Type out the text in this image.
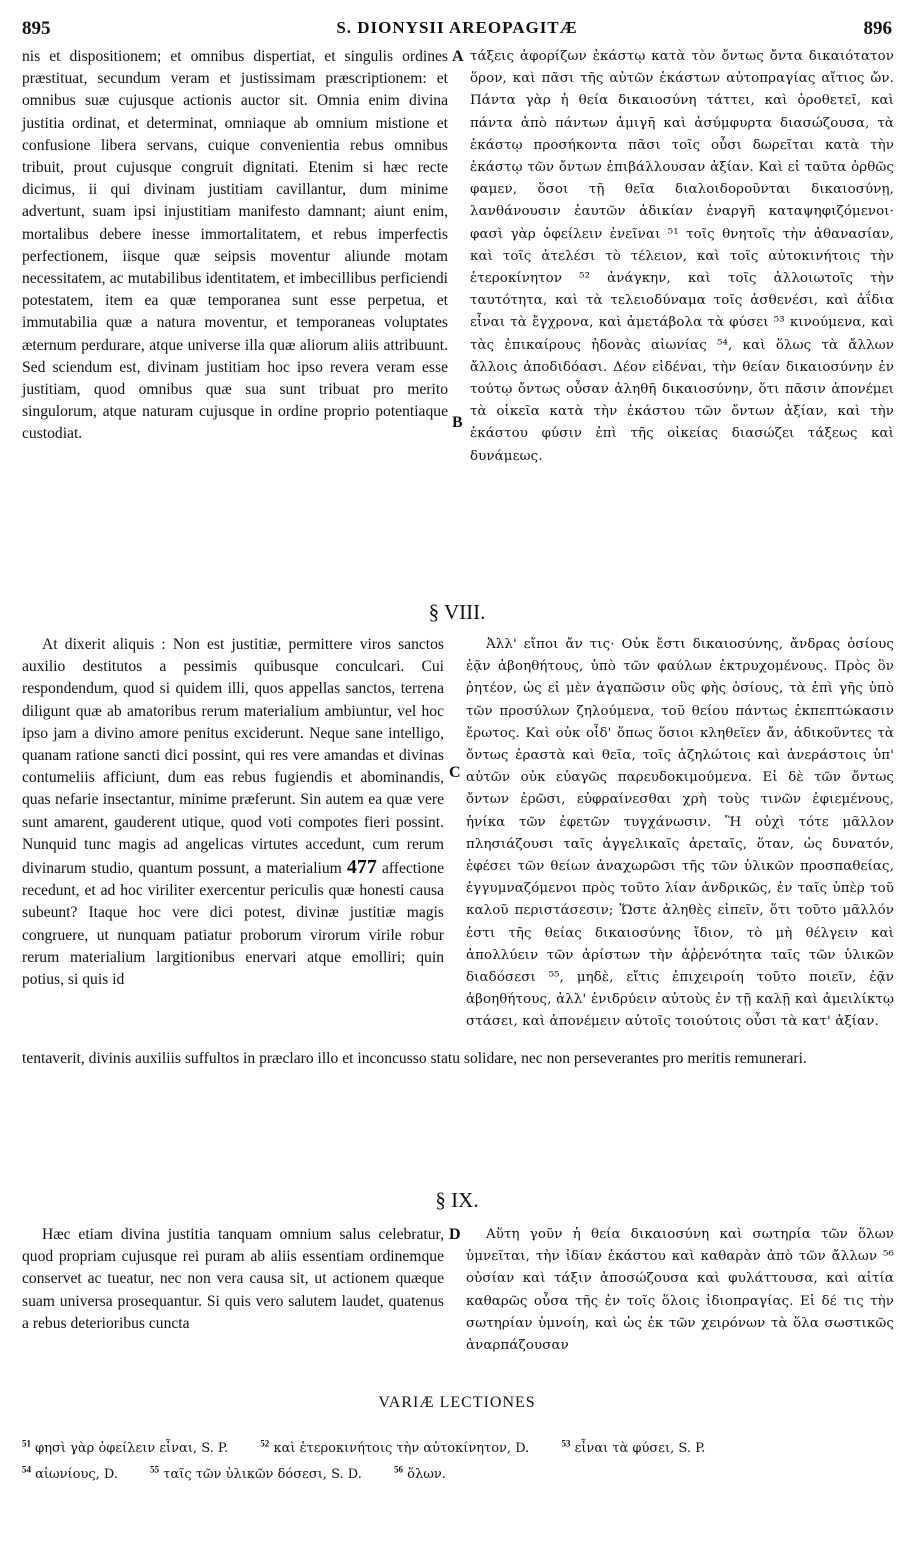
895	S. DIONYSII AREOPAGITÆ	896

nis et dispositionem; et omnibus dispertiat, et singulis ordines præstituat, secundum veram et justissimam præscriptionem: et omnibus suæ cujusque actionis auctor sit. Omnia enim divina justitia ordinat, et determinat, omniaque ab omnium mistione et confusione libera servans, cuique convenientia rebus omnibus tribuit, prout cujusque congruit dignitati. Etenim si hæc recte dicimus, ii qui divinam justitiam cavillantur, dum minime advertunt, suam ipsi injustitiam manifesto damnant; aiunt enim, mortalibus debere inesse immortalitatem, et rebus imperfectis perfectionem, iisque quæ seipsis moventur aliunde motam necessitatem, ac mutabilibus identitatem, et imbecillibus perficiendi potestatem, item ea quæ temporanea sunt esse perpetua, et immutabilia quæ a natura moventur, et temporaneas voluptates æternum perdurare, atque universe illa quæ aliorum aliis attribuunt. Sed sciendum est, divinam justitiam hoc ipso revera veram esse justitiam, quod omnibus quæ sua sunt tribuat pro merito singulorum, atque naturam cujusque in ordine proprio potentiaque custodiat.

A τάξεις ἀφορίζων ἑκάστῳ κατὰ τὸν ὄντως ὄντα δικαιότατον ὅρον, καὶ πᾶσι τῆς αὐτῶν ἑκάστων αὐτοπραγίας αἴτιος ὤν. Πάντα γὰρ ἡ θεία δικαιοσύνη τάττει, καὶ ὁροθετεῖ, καὶ πάντα ἀπὸ πάντων ἀμιγῆ καὶ ἀσύμφυρτα διασώζουσα, τὰ ἑκάστῳ προσήκοντα πᾶσι τοῖς οὖσι δωρεῖται κατὰ τὴν ἑκάστῳ τῶν ὄντων ἐπιβάλλουσαν ἀξίαν. Καὶ εἰ ταῦτα ὀρθῶς φαμεν, ὅσοι τῇ θεῖα διαλοιδοροῦνται δικαιοσύνῃ, λανθάνουσιν ἑαυτῶν ἀδικίαν ἐναργῆ καταψηφιζόμενοι· φασὶ γὰρ ὀφείλειν ἐνεῖναι ⁵¹ τοῖς θνητοῖς τὴν ἀθανασίαν, καὶ τοῖς ἀτελέσι τὸ τέλειον, καὶ τοῖς αὐτοκινήτοις τὴν ἑτεροκίνητον ⁵² ἀνάγκην, καὶ τοῖς ἀλλοιωτοῖς τὴν ταυτότητα, καὶ τὰ τελειοδύναμα τοῖς ἀσθενέσι, καὶ ἀΐδια εἶναι τὰ ἔγχρονα, καὶ ἀμετάβολα τὰ φύσει ⁵³ κινούμενα, καὶ τὰς ἐπικαίρους ἡδονὰς αἰωνίας ⁵⁴, καὶ ὅλως τὰ ἄλλων ἄλλοις ἀποδιδόασι. Δέον εἰδέναι, τὴν θείαν δικαιοσύνην ἐν τούτῳ ὄντως οὖσαν ἀληθῆ δικαιοσύνην, ὅτι πᾶσιν ἀπονέμει τὰ οἰκεῖα κατὰ τὴν ἑκάστου τῶν ὄντων ἀξίαν, καὶ τὴν ἑκάστου φύσιν ἐπὶ τῆς οἰκείας διασώζει τάξεως καὶ δυνάμεως.

B
§ VIII.

At dixerit aliquis : Non est justitiæ, permittere viros sanctos auxilio destitutos a pessimis quibusque conculcari. Cui respondendum, quod si quidem illi, quos appellas sanctos, terrena diligunt quæ ab amatoribus rerum materialium ambiuntur, vel hoc ipso jam a divino amore penitus exciderunt. Neque sane intelligo, quanam ratione sancti dici possint, qui res vere amandas et divinas contumeliis afficiunt, dum eas rebus fugiendis et abominandis, quas nefarie insectantur, minime præferunt. Sin autem ea quæ vere sunt amarent, gauderent utique, quod voti compotes fieri possint. Nunquid tunc magis ad angelicas virtutes accedunt, cum rerum divinarum studio, quantum possunt, a materialium 477 affectione recedunt, et ad hoc viriliter exercentur periculis quæ honesti causa subeunt? Itaque hoc vere dici potest, divinæ justitiæ magis congruere, ut nunquam patiatur proborum virorum virile robur rerum materialium largitionibus enervari atque emolliri; quin potius, si quis id

C

Ἀλλ' εἴποι ἄν τις· Οὐκ ἔστι δικαιοσύνης, ἄνδρας ὁσίους ἐᾷν ἀβοηθήτους, ὑπὸ τῶν φαύλων ἐκτρυχομένους. Πρὸς ὃν ῥητέον, ὡς εἰ μὲν ἀγαπῶσιν οὓς φὴς ὁσίους, τὰ ἐπὶ γῆς ὑπὸ τῶν προσύλων ζηλούμενα, τοῦ θείου πάντως ἐκπεπτώκασιν ἔρωτος. Καὶ οὐκ οἶδ' ὅπως ὅσιοι κληθεῖεν ἄν, ἀδικοῦντες τὰ ὄντως ἐραστὰ καὶ θεῖα, τοῖς ἀζηλώτοις καὶ ἀνεράστοις ὑπ' αὐτῶν οὐκ εὐαγῶς παρευδοκιμούμενα. Εἰ δὲ τῶν ὄντως ὄντων ἐρῶσι, εὐφραίνεσθαι χρὴ τοὺς τινῶν ἐφιεμένους, ἡνίκα τῶν ἐφετῶν τυγχάνωσιν. Ἢ οὐχὶ τότε μᾶλλον πλησιάζουσι ταῖς ἀγγελικαῖς ἀρεταῖς, ὅταν, ὡς δυνατόν, ἐφέσει τῶν θείων ἀναχωρῶσι τῆς τῶν ὑλικῶν προσπαθείας, ἐγγυμναζόμενοι πρὸς τοῦτο λίαν ἀνδρικῶς, ἐν ταῖς ὑπὲρ τοῦ καλοῦ περιστάσεσιν; Ὥστε ἀληθὲς εἰπεῖν, ὅτι τοῦτο μᾶλλόν ἐστι τῆς θείας δικαιοσύνης ἴδιον, τὸ μὴ θέλγειν καὶ ἀπολλύειν τῶν ἀρίστων τὴν ἀῤῥενότητα ταῖς τῶν ὑλικῶν διαδόσεσι ⁵⁵, μηδὲ, εἴτις ἐπιχειροίη τοῦτο ποιεῖν, ἐᾷν ἀβοηθήτους, ἀλλ' ἐνιδρύειν αὐτοὺς ἐν τῇ καλῇ καὶ ἀμειλίκτῳ στάσει, καὶ ἀπονέμειν αὐτοῖς τοιούτοις οὖσι τὰ κατ' ἀξίαν.

tentaverit, divinis auxiliis suffultos in præclaro illo et inconcusso statu solidare, nec non perseverantes pro meritis remunerari.
§ IX.

Hæc etiam divina justitia tanquam omnium salus celebratur, quod propriam cujusque rei puram ab aliis essentiam ordinemque conservet ac tueatur, nec non vera causa sit, ut actionem quæque suam universa prosequantur. Si quis vero salutem laudet, quatenus a rebus deterioribus cuncta

D	Αὕτη γοῦν ἡ θεία δικαιοσύνη καὶ σωτηρία τῶν ὅλων ὑμνεῖται, τὴν ἰδίαν ἑκάστου καὶ καθαρὰν ἀπὸ τῶν ἄλλων ⁵⁶ οὐσίαν καὶ τάξιν ἀποσώζουσα καὶ φυλάττουσα, καὶ αἰτία καθαρῶς οὖσα τῆς ἐν τοῖς ὅλοις ἰδιοπραγίας. Εἰ δέ τις τὴν σωτηρίαν ὑμνοίη, καὶ ὡς ἐκ τῶν χειρόνων τὰ ὅλα σωστικῶς ἀναρπάζουσαν

VARIÆ LECTIONES
$^{51}$ φησὶ γὰρ ὀφείλειν εἶναι, S. P.	$^{52}$ καὶ ἑτεροκινήτοις τὴν αὐτοκίνητον, D.	$^{53}$ εἶναι τὰ φύσει, S. P.
$^{54}$ αἰωνίους, D.	$^{55}$ ταῖς τῶν ὑλικῶν δόσεσι, S. D.	$^{56}$ ὅλων.
